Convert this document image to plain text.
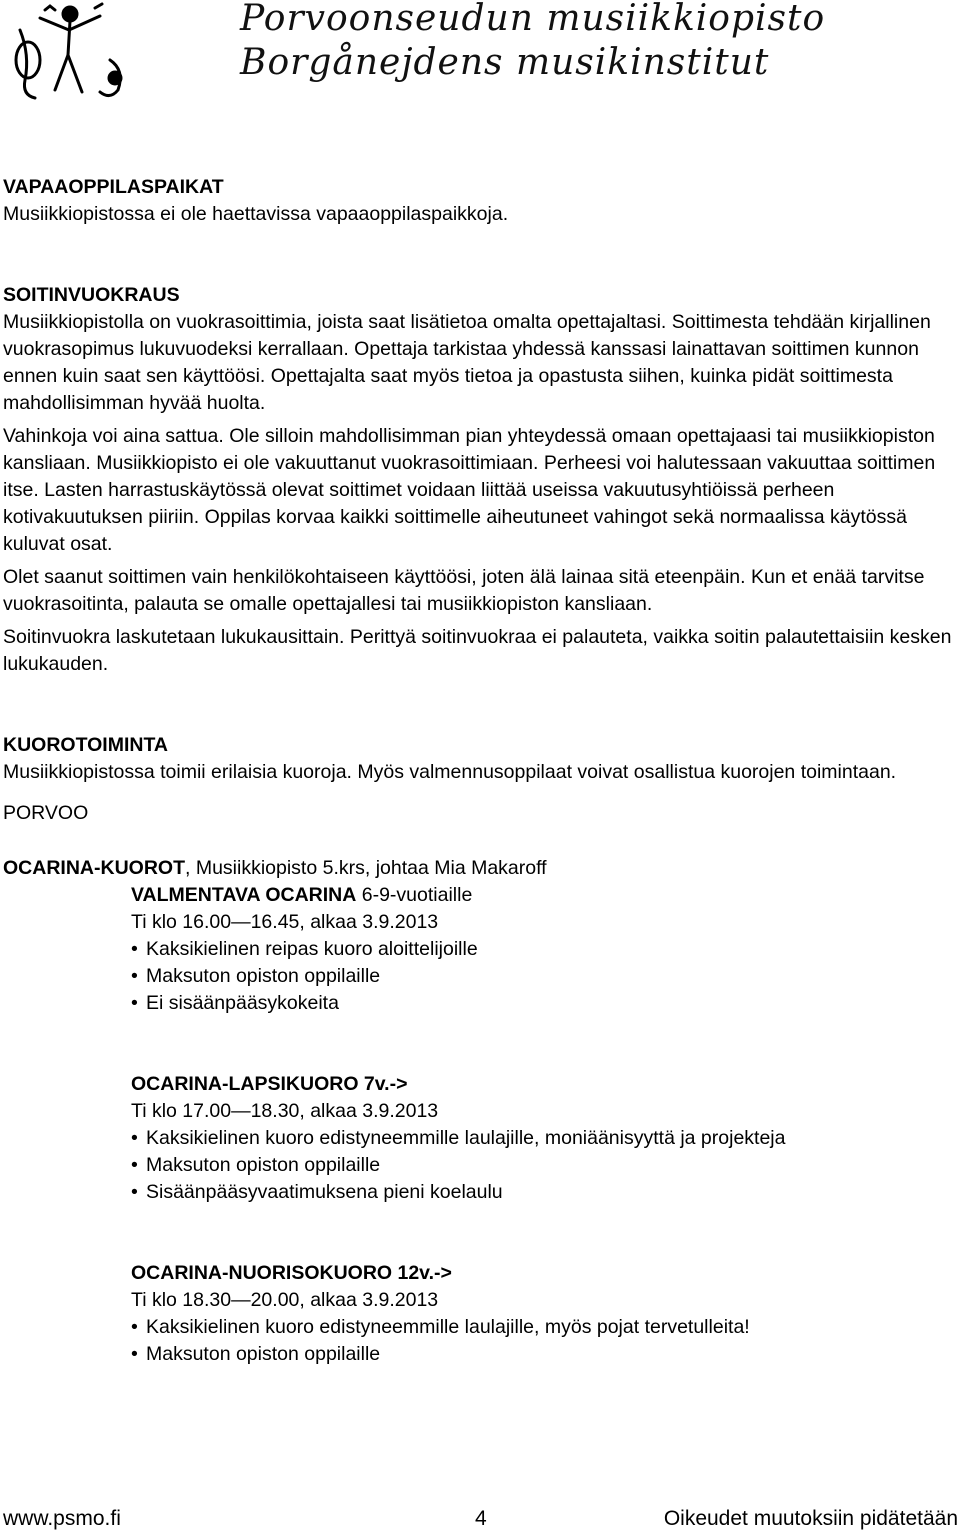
Porvoonseudun musiikkiopisto
Borgånejdens musikinstitut

VAPAAOPPILASPAIKAT

Musiikkiopistossa ei ole haettavissa vapaaoppilaspaikkoja.

SOITINVUOKRAUS

Musiikkiopistolla on vuokrasoittimia, joista saat lisätietoa omalta opettajaltasi. Soittimesta tehdään kirjallinen vuokrasopimus lukuvuodeksi kerrallaan. Opettaja tarkistaa yhdessä kanssasi lainattavan soittimen kunnon ennen kuin saat sen käyttöösi. Opettajalta saat myös tietoa ja opastusta siihen, kuinka pidät soittimesta mahdollisimman hyvää huolta.

Vahinkoja voi aina sattua. Ole silloin mahdollisimman pian yhteydessä omaan opettajaasi tai musiikkiopiston kansliaan. Musiikkiopisto ei ole vakuuttanut vuokrasoittimiaan. Perheesi voi halutessaan vakuuttaa soittimen itse. Lasten harrastuskäytössä olevat soittimet voidaan liittää useissa vakuutusyhtiöissä perheen kotivakuutuksen piiriin. Oppilas korvaa kaikki soittimelle aiheutuneet vahingot sekä normaalissa käytössä kuluvat osat.

Olet saanut soittimen vain henkilökohtaiseen käyttöösi, joten älä lainaa sitä eteenpäin. Kun et enää tarvitse vuokrasoitinta, palauta se omalle opettajallesi tai musiikkiopiston kansliaan.

Soitinvuokra laskutetaan lukukausittain. Perittyä soitinvuokraa ei palauteta, vaikka soitin palautettaisiin kesken lukukauden.

KUOROTOIMINTA

Musiikkiopistossa toimii erilaisia kuoroja. Myös valmennusoppilaat voivat osallistua kuorojen toimintaan.

PORVOO

OCARINA-KUOROT, Musiikkiopisto 5.krs, johtaa Mia Makaroff

VALMENTAVA OCARINA 6-9-vuotiaille

Ti klo 16.00—16.45, alkaa 3.9.2013

• Kaksikielinen reipas kuoro aloittelijoille
• Maksuton opiston oppilaille
• Ei sisäänpääsykokeita

OCARINA-LAPSIKUORO 7v.->

Ti klo 17.00—18.30, alkaa 3.9.2013

• Kaksikielinen kuoro edistyneemmille laulajille, moniäänisyyttä ja projekteja
• Maksuton opiston oppilaille
• Sisäänpääsyvaatimuksena pieni koelaulu

OCARINA-NUORISOKUORO 12v.->

Ti klo 18.30—20.00, alkaa 3.9.2013

• Kaksikielinen kuoro edistyneemmille laulajille, myös pojat tervetulleita!
• Maksuton opiston oppilaille
www.psmo.fi	4	Oikeudet muutoksiin pidätetään
